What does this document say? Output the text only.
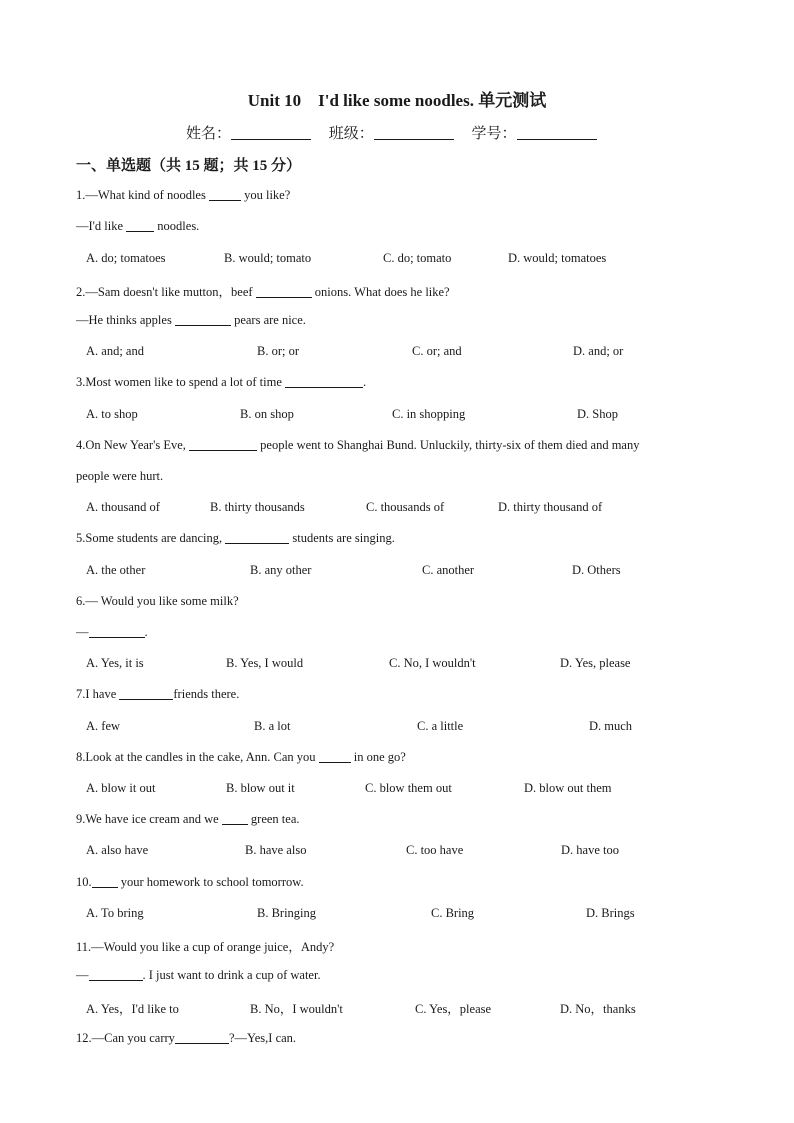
Unit 10　I'd like some noodles. 单元测试
姓名：	班级：	学号：
一、单选题（共 15 题；共 15 分）
1.—What kind of noodles	you like?
—I'd like  noodles.
A. do; tomatoes	B. would; tomato	C. do; tomato	D. would; tomatoes
2.—Sam doesn't like mutton，beef	onions. What does he like?
—He thinks apples	pears are nice.
A. and; and	B. or; or	C. or; and	D. and; or
3.Most women like to spend a lot of time	.
A. to shop	B. on shop	C. in shopping	D. Shop
4.On New Year's Eve,	people went to Shanghai Bund. Unluckily, thirty-six of them died and many
people were hurt.
A. thousand of	B. thirty thousands	C. thousands of	D. thirty thousand of
5.Some students are dancing,	students are singing.
A. the other	B. any other	C. another	D. Others
6.— Would you like some milk?
—	.
A. Yes, it is	B. Yes, I would	C. No, I wouldn't	D. Yes, please
7.I have	friends there.
A. few	B. a lot	C. a little	D. much
8.Look at the candles in the cake, Ann. Can you	in one go?
A. blow it out	B. blow out it	C. blow them out	D. blow out them
9.We have ice cream and we  green tea.
A. also have	B. have also	C. too have	D. have too
10. your homework to school tomorrow.
A. To bring	B. Bringing	C. Bring	D. Brings
11.—Would you like a cup of orange juice，Andy?
—	. I just want to drink a cup of water.
A. Yes，I'd like to	B. No，I wouldn't	C. Yes，please	D. No，thanks
12.—Can you carry	?—Yes,I can.
